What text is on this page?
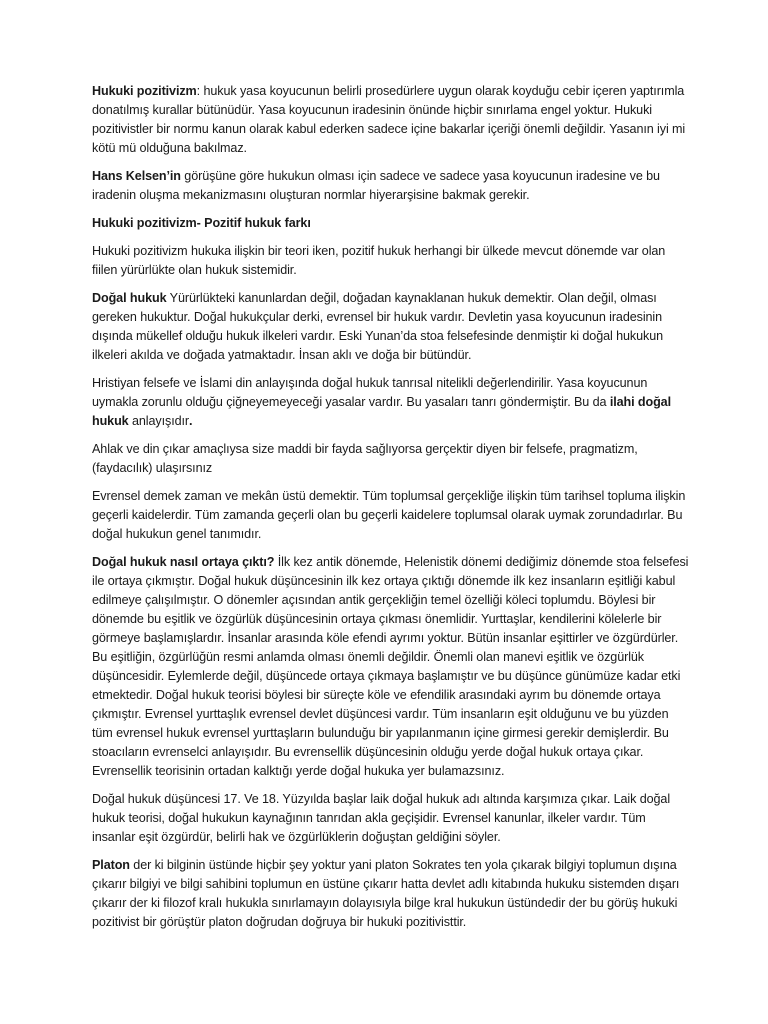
Hukuki pozitivizm: hukuk yasa koyucunun belirli prosedürlere uygun olarak koyduğu cebir içeren yaptırımla donatılmış kurallar bütünüdür. Yasa koyucunun iradesinin önünde hiçbir sınırlama engel yoktur. Hukuki pozitivistler bir normu kanun olarak kabul ederken sadece içine bakarlar içeriği önemli değildir. Yasanın iyi mi kötü mü olduğuna bakılmaz.

Hans Kelsen’in görüşüne göre hukukun olması için sadece ve sadece yasa koyucunun iradesine ve bu iradenin oluşma mekanizmasını oluşturan normlar hiyerarşisine bakmak gerekir.

Hukuki pozitivizm- Pozitif hukuk farkı

Hukuki pozitivizm hukuka ilişkin bir teori iken, pozitif hukuk herhangi bir ülkede mevcut dönemde var olan fiilen yürürlükte olan hukuk sistemidir.

Doğal hukuk Yürürlükteki kanunlardan değil, doğadan kaynaklanan hukuk demektir. Olan değil, olması gereken hukuktur. Doğal hukukçular derki, evrensel bir hukuk vardır. Devletin yasa koyucunun iradesinin dışında mükellef olduğu hukuk ilkeleri vardır. Eski Yunan’da stoa felsefesinde denmiştir ki doğal hukukun ilkeleri akılda ve doğada yatmaktadır. İnsan aklı ve doğa bir bütündür.

Hristiyan felsefe ve İslami din anlayışında doğal hukuk tanrısal nitelikli değerlendirilir. Yasa koyucunun uymakla zorunlu olduğu çiğneyemeyeceği yasalar vardır. Bu yasaları tanrı göndermiştir. Bu da ilahi doğal hukuk anlayışıdır.

Ahlak ve din çıkar amaçlıysa size maddi bir fayda sağlıyorsa gerçektir diyen bir felsefe, pragmatizm, (faydacılık) ulaşırsınız

Evrensel demek zaman ve mekân üstü demektir. Tüm toplumsal gerçekliğe ilişkin tüm tarihsel topluma ilişkin geçerli kaidelerdir. Tüm zamanda geçerli olan bu geçerli kaidelere toplumsal olarak uymak zorundadırlar. Bu doğal hukukun genel tanımıdır.

Doğal hukuk nasıl ortaya çıktı? İlk kez antik dönemde, Helenistik dönemi dediğimiz dönemde stoa felsefesi ile ortaya çıkmıştır. Doğal hukuk düşüncesinin ilk kez ortaya çıktığı dönemde ilk kez insanların eşitliği kabul edilmeye çalışılmıştır. O dönemler açısından antik gerçekliğin temel özelliği köleci toplumdu. Böylesi bir dönemde bu eşitlik ve özgürlük düşüncesinin ortaya çıkması önemlidir. Yurttaşlar, kendilerini kölelerle bir görmeye başlamışlardır. İnsanlar arasında köle efendi ayrımı yoktur. Bütün insanlar eşittirler ve özgürdürler. Bu eşitliğin, özgürlüğün resmi anlamda olması önemli değildir. Önemli olan manevi eşitlik ve özgürlük düşüncesidir. Eylemlerde değil, düşüncede ortaya çıkmaya başlamıştır ve bu düşünce günümüze kadar etki etmektedir. Doğal hukuk teorisi böylesi bir süreçte köle ve efendilik arasındaki ayrım bu dönemde ortaya çıkmıştır. Evrensel yurttaşlık evrensel devlet düşüncesi vardır. Tüm insanların eşit olduğunu ve bu yüzden tüm evrensel hukuk evrensel yurttaşların bulunduğu bir yapılanmanın içine girmesi gerekir demişlerdir. Bu stoacıların evrenselci anlayışıdır. Bu evrensellik düşüncesinin olduğu yerde doğal hukuk ortaya çıkar. Evrensellik teorisinin ortadan kalktığı yerde doğal hukuka yer bulamazsınız.

Doğal hukuk düşüncesi 17. Ve 18. Yüzyılda başlar laik doğal hukuk adı altında karşımıza çıkar. Laik doğal hukuk teorisi, doğal hukukun kaynağının tanrıdan akla geçişidir. Evrensel kanunlar, ilkeler vardır. Tüm insanlar eşit özgürdür, belirli hak ve özgürlüklerin doğuştan geldiğini söyler.

Platon der ki bilginin üstünde hiçbir şey yoktur yani platon Sokrates ten yola çıkarak bilgiyi toplumun dışına çıkarır bilgiyi ve bilgi sahibini toplumun en üstüne çıkarır hatta devlet adlı kitabında hukuku sistemden dışarı çıkarır der ki filozof kralı hukukla sınırlamayın dolayısıyla bilge kral hukukun üstündedir der bu görüş hukuki pozitivist bir görüştür platon doğrudan doğruya bir hukuki pozitivisttir.
